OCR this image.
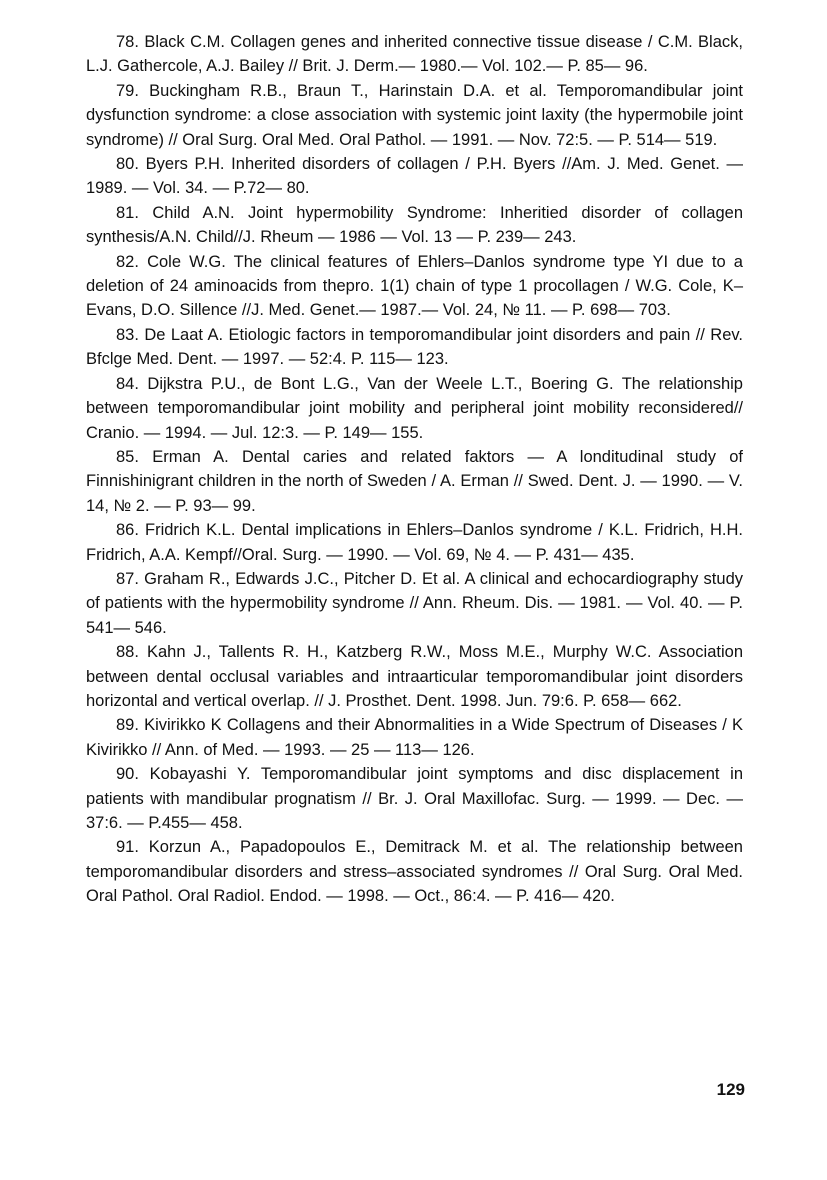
78. Black C.M. Collagen genes and inherited connective tissue disease / C.M. Black, L.J. Gathercole, A.J. Bailey // Brit. J. Derm.— 1980.— Vol. 102.— P. 85— 96.

79. Buckingham R.B., Braun T., Harinstain D.A. et al. Temporomandibular joint dysfunction syndrome: a close association with systemic joint laxity (the hypermobile joint syndrome) // Oral Surg. Oral Med. Oral Pathol. — 1991. — Nov. 72:5. — P. 514— 519.

80. Byers P.H. Inherited disorders of collagen / P.H. Byers //Am. J. Med. Genet. — 1989. — Vol. 34. — P.72— 80.

81. Child A.N. Joint hypermobility Syndrome: Inheritied disorder of collagen synthesis/A.N. Child//J. Rheum — 1986 — Vol. 13 — P. 239— 243.

82. Cole W.G. The clinical features of Ehlers–Danlos syndrome type YI due to a deletion of 24 aminoacids from thepro. 1(1) chain of type 1 procollagen / W.G. Cole, K– Evans, D.O. Sillence //J. Med. Genet.— 1987.— Vol. 24, № 11. — P. 698— 703.

83. De Laat A. Etiologic factors in temporomandibular joint disorders and pain // Rev. Bfclge Med. Dent. — 1997. — 52:4. P. 115— 123.

84. Dijkstra P.U., de Bont L.G., Van der Weele L.T., Boering G. The relationship between temporomandibular joint mobility and peripheral joint mobility reconsidered// Cranio. — 1994. — Jul. 12:3. — P. 149— 155.

85. Erman A. Dental caries and related faktors — A londitudinal study of Finnishinigrant children in the north of Sweden / A. Erman // Swed. Dent. J. — 1990. — V. 14, № 2. — P. 93— 99.

86. Fridrich K.L. Dental implications in Ehlers–Danlos syndrome / K.L. Fridrich, H.H. Fridrich, A.A. Kempf//Oral. Surg. — 1990. — Vol. 69, № 4. — P. 431— 435.

87. Graham R., Edwards J.C., Pitcher D. Et al. A clinical and echocardiography study of patients with the hypermobility syndrome // Ann. Rheum. Dis. — 1981. — Vol. 40. — P. 541— 546.

88. Kahn J., Tallents R. H., Katzberg R.W., Moss M.E., Murphy W.C. Association between dental occlusal variables and intraarticular temporomandibular joint disorders horizontal and vertical overlap. // J. Prosthet. Dent. 1998. Jun. 79:6. P. 658— 662.

89. Kivirikko K Collagens and their Abnormalities in a Wide Spectrum of Diseases / K Kivirikko // Ann. of Med. — 1993. — 25 — 113— 126.

90. Kobayashi Y. Temporomandibular joint symptoms and disc displacement in patients with mandibular prognatism // Br. J. Oral Maxillofac. Surg. — 1999. — Dec. — 37:6. — P.455— 458.

91. Korzun A., Papadopoulos E., Demitrack M. et al. The relationship between temporomandibular disorders and stress–associated syndromes // Oral Surg. Oral Med. Oral Pathol. Oral Radiol. Endod. — 1998. — Oct., 86:4. — P. 416— 420.

129
